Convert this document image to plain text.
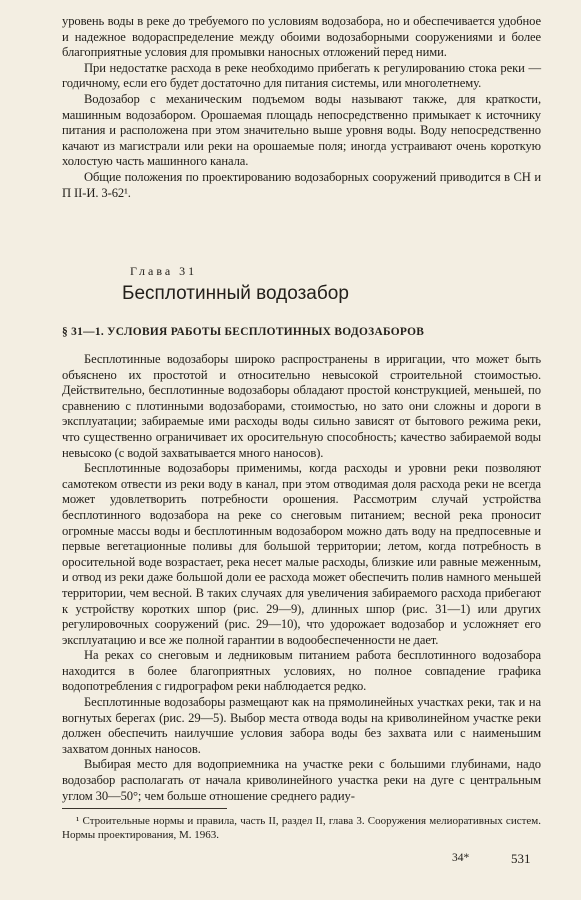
уровень воды в реке до требуемого по условиям водозабора, но и обеспечивается удобное и надежное водораспределение между обоими водозаборными сооружениями и более благоприятные условия для промывки наносных отложений перед ними.

При недостатке расхода в реке необходимо прибегать к регулированию стока реки — годичному, если его будет достаточно для питания системы, или многолетнему.

Водозабор с механическим подъемом воды называют также, для краткости, машинным водозабором. Орошаемая площадь непосредственно примыкает к источнику питания и расположена при этом значительно выше уровня воды. Воду непосредственно качают из магистрали или реки на орошаемые поля; иногда устраивают очень короткую холостую часть машинного канала.

Общие положения по проектированию водозаборных сооружений приводится в СН и П II-И. 3-62¹.

Глава 31

Бесплотинный водозабор
§ 31—1. УСЛОВИЯ РАБОТЫ БЕСПЛОТИННЫХ ВОДОЗАБОРОВ

Бесплотинные водозаборы широко распространены в ирригации, что может быть объяснено их простотой и относительно невысокой строительной стоимостью. Действительно, бесплотинные водозаборы обладают простой конструкцией, меньшей, по сравнению с плотинными водозаборами, стоимостью, но зато они сложны и дороги в эксплуатации; забираемые ими расходы воды сильно зависят от бытового режима реки, что существенно ограничивает их оросительную способность; качество забираемой воды невысоко (с водой захватывается много наносов).

Бесплотинные водозаборы применимы, когда расходы и уровни реки позволяют самотеком отвести из реки воду в канал, при этом отводимая доля расхода реки не всегда может удовлетворить потребности орошения. Рассмотрим случай устройства бесплотинного водозабора на реке со снеговым питанием; весной река проносит огромные массы воды и бесплотинным водозабором можно дать воду на предпосевные и первые вегетационные поливы для большой территории; летом, когда потребность в оросительной воде возрастает, река несет малые расходы, близкие или равные меженным, и отвод из реки даже большой доли ее расхода может обеспечить полив намного меньшей территории, чем весной. В таких случаях для увеличения забираемого расхода прибегают к устройству коротких шпор (рис. 29—9), длинных шпор (рис. 31—1) или других регулировочных сооружений (рис. 29—10), что удорожает водозабор и усложняет его эксплуатацию и все же полной гарантии в водообеспеченности не дает.

На реках со снеговым и ледниковым питанием работа бесплотинного водозабора находится в более благоприятных условиях, но полное совпадение графика водопотребления с гидрографом реки наблюдается редко.

Бесплотинные водозаборы размещают как на прямолинейных участках реки, так и на вогнутых берегах (рис. 29—5). Выбор места отвода воды на криволинейном участке реки должен обеспечить наилучшие условия забора воды без захвата или с наименьшим захватом донных наносов.

Выбирая место для водоприемника на участке реки с большими глубинами, надо водозабор располагать от начала криволинейного участка реки на дуге с центральным углом 30—50°; чем больше отношение среднего радиу-

¹ Строительные нормы и правила, часть II, раздел II, глава 3. Сооружения мелиоративных систем. Нормы проектирования, М. 1963.

34*	531
